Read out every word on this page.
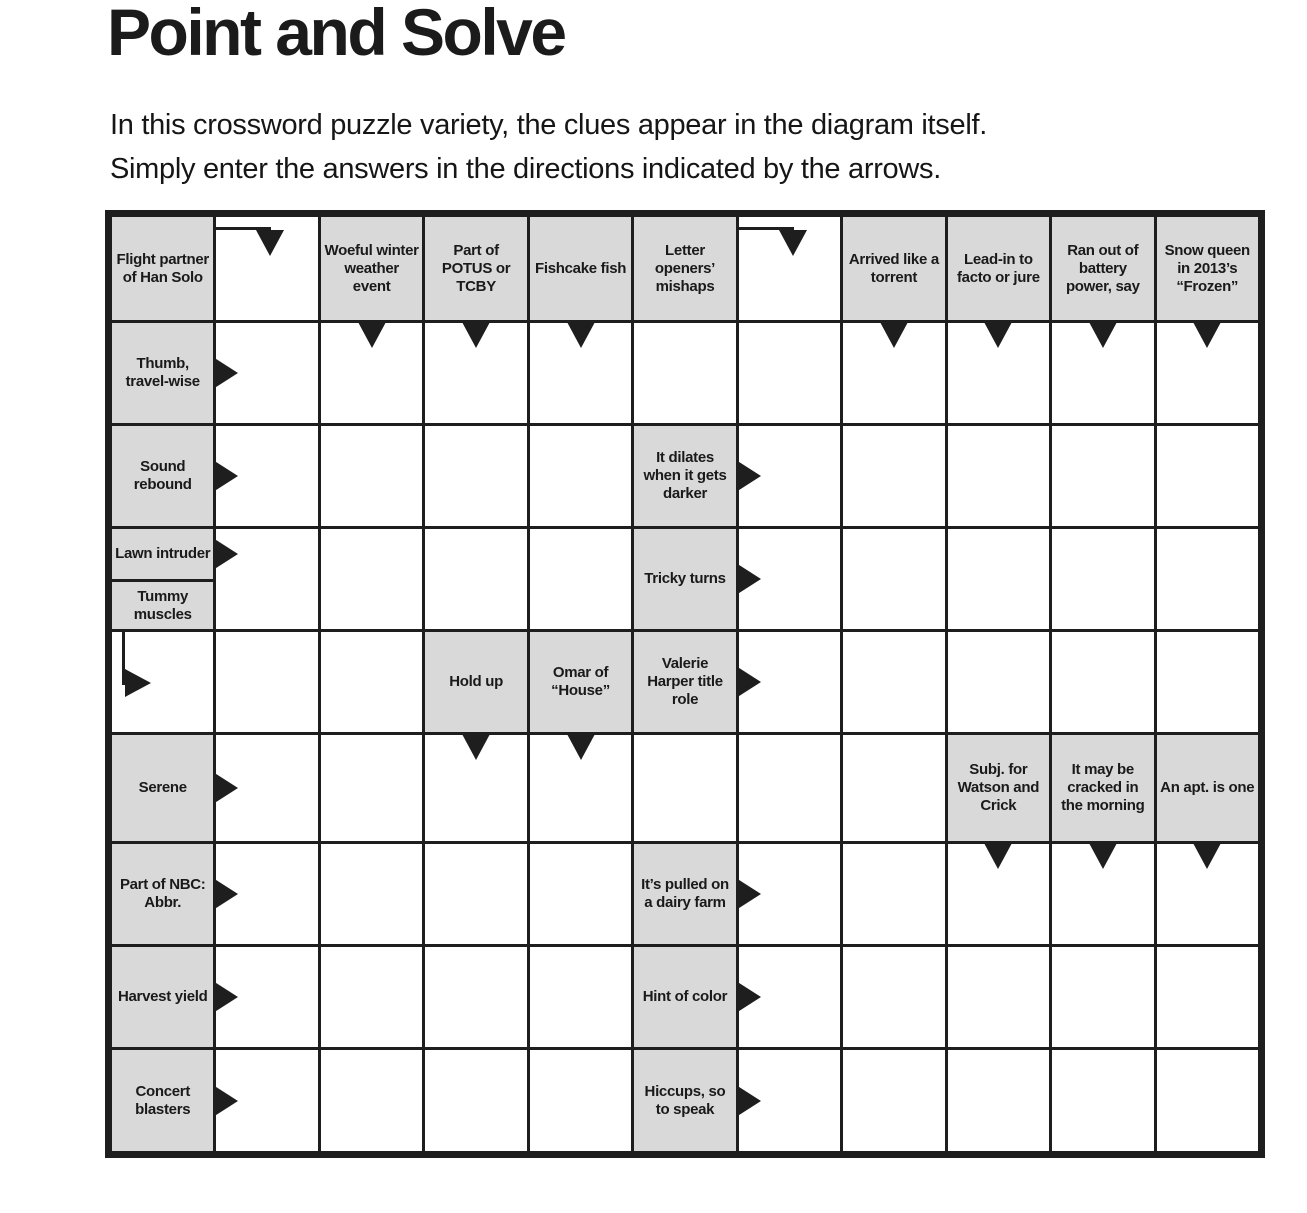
Point and Solve

In this crossword puzzle variety, the clues appear in the diagram itself.
Simply enter the answers in the directions indicated by the arrows.

Flight partner of Han Solo
Woeful winter weather event
Part of POTUS or TCBY
Fishcake fish
Letter openers’ mishaps
Arrived like a torrent
Lead-in to facto or jure
Ran out of battery power, say
Snow queen in 2013’s “Frozen”
Thumb, travel-wise
Sound rebound
It dilates when it gets darker
Lawn intruder
Tummy muscles
Tricky turns
Hold up
Omar of “House”
Valerie Harper title role
Serene
Subj. for Watson and Crick
It may be cracked in the morning
An apt. is one
Part of NBC: Abbr.
It’s pulled on a dairy farm
Harvest yield	Hint of color
Concert blasters
Hiccups, so to speak
